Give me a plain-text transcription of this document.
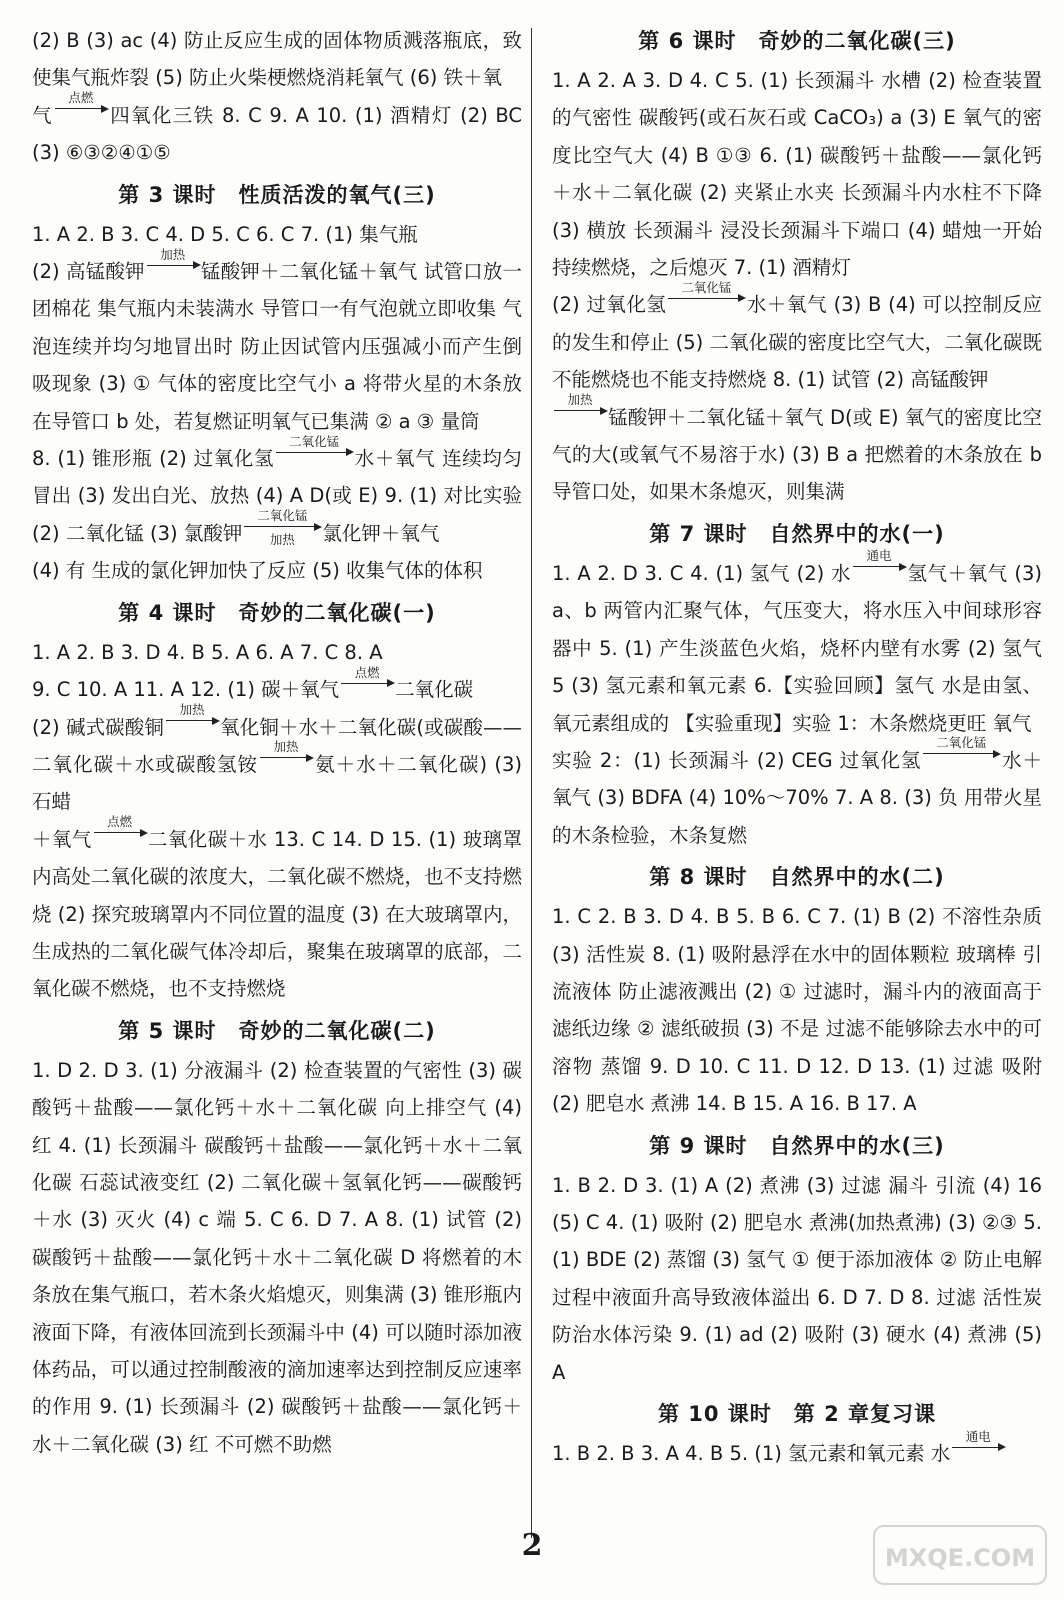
(2) B (3) ac (4) 防止反应生成的固体物质溅落瓶底，致使集气瓶炸裂 (5) 防止火柴梗燃烧消耗氧气 (6) 铁＋氧
气
点燃
四氧化三铁 8. C 9. A 10. (1) 酒精灯 (2) BC (3) ⑥③②④①⑤

第 3 课时　性质活泼的氧气(三)

1. A 2. B 3. C 4. D 5. C 6. C 7. (1) 集气瓶
(2) 高锰酸钾
加热
锰酸钾＋二氧化锰＋氧气 试管口放一团棉花 集气瓶内未装满水 导管口一有气泡就立即收集 气泡连续并均匀地冒出时 防止因试管内压强减小而产生倒吸现象 (3) ① 气体的密度比空气小 a 将带火星的木条放在导管口 b 处，若复燃证明氧气已集满 ② a ③ 量筒

8. (1) 锥形瓶 (2) 过氧化氢
二氧化锰
水＋氧气 连续均匀冒出 (3) 发出白光、放热 (4) A D(或 E) 9. (1) 对比实验 (2) 二氧化锰 (3) 氯酸钾
二氧化锰
加热	氯化钾＋氧气

(4) 有 生成的氯化钾加快了反应 (5) 收集气体的体积

第 4 课时　奇妙的二氧化碳(一)

1. A 2. B 3. D 4. B 5. A 6. A 7. C 8. A
9. C 10. A 11. A 12. (1) 碳＋氧气
点燃
二氧化碳
(2) 碱式碳酸铜
加热
氧化铜＋水＋二氧化碳(或碳酸——二氧化碳＋水或碳酸氢铵
加热
氨＋水＋二氧化碳) (3) 石蜡
＋氧气
点燃
二氧化碳＋水 13. C 14. D 15. (1) 玻璃罩内高处二氧化碳的浓度大，二氧化碳不燃烧，也不支持燃烧 (2) 探究玻璃罩内不同位置的温度 (3) 在大玻璃罩内，生成热的二氧化碳气体冷却后，聚集在玻璃罩的底部，二氧化碳不燃烧，也不支持燃烧

第 5 课时　奇妙的二氧化碳(二)

1. D 2. D 3. (1) 分液漏斗 (2) 检查装置的气密性 (3) 碳酸钙＋盐酸——氯化钙＋水＋二氧化碳 向上排空气 (4) 红 4. (1) 长颈漏斗 碳酸钙＋盐酸——氯化钙＋水＋二氧化碳 石蕊试液变红 (2) 二氧化碳＋氢氧化钙——碳酸钙＋水 (3) 灭火 (4) c 端 5. C 6. D 7. A 8. (1) 试管 (2) 碳酸钙＋盐酸——氯化钙＋水＋二氧化碳 D 将燃着的木条放在集气瓶口，若木条火焰熄灭，则集满 (3) 锥形瓶内液面下降，有液体回流到长颈漏斗中 (4) 可以随时添加液体药品，可以通过控制酸液的滴加速率达到控制反应速率的作用 9. (1) 长颈漏斗 (2) 碳酸钙＋盐酸——氯化钙＋水＋二氧化碳 (3) 红 不可燃不助燃

第 6 课时　奇妙的二氧化碳(三)

1. A 2. A 3. D 4. C 5. (1) 长颈漏斗 水槽 (2) 检查装置的气密性 碳酸钙(或石灰石或 CaCO₃) a (3) E 氧气的密度比空气大 (4) B ①③ 6. (1) 碳酸钙＋盐酸——氯化钙＋水＋二氧化碳 (2) 夹紧止水夹 长颈漏斗内水柱不下降 (3) 横放 长颈漏斗 浸没长颈漏斗下端口 (4) 蜡烛一开始持续燃烧，之后熄灭 7. (1) 酒精灯
(2) 过氧化氢
二氧化锰
水＋氧气 (3) B (4) 可以控制反应的发生和停止 (5) 二氧化碳的密度比空气大，二氧化碳既不能燃烧也不能支持燃烧 8. (1) 试管 (2) 高锰酸钾

加热
锰酸钾＋二氧化锰＋氧气 D(或 E) 氧气的密度比空气的大(或氧气不易溶于水) (3) B a 把燃着的木条放在 b 导管口处，如果木条熄灭，则集满

第 7 课时　自然界中的水(一)

1. A 2. D 3. C 4. (1) 氢气 (2) 水
通电
氢气＋氧气 (3) a、b 两管内汇聚气体，气压变大，将水压入中间球形容器中 5. (1) 产生淡蓝色火焰，烧杯内壁有水雾 (2) 氢气 5 (3) 氢元素和氧元素 6.【实验回顾】氢气 水是由氢、氧元素组成的 【实验重现】实验 1：木条燃烧更旺 氧气
实验 2：(1) 长颈漏斗 (2) CEG 过氧化氢
二氧化锰
水＋氧气 (3) BDFA (4) 10%～70% 7. A 8. (3) 负 用带火星的木条检验，木条复燃

第 8 课时　自然界中的水(二)

1. C 2. B 3. D 4. B 5. B 6. C 7. (1) B (2) 不溶性杂质 (3) 活性炭 8. (1) 吸附悬浮在水中的固体颗粒 玻璃棒 引流液体 防止滤液溅出 (2) ① 过滤时，漏斗内的液面高于滤纸边缘 ② 滤纸破损 (3) 不是 过滤不能够除去水中的可溶物 蒸馏 9. D 10. C 11. D 12. D 13. (1) 过滤 吸附 (2) 肥皂水 煮沸 14. B 15. A 16. B 17. A

第 9 课时　自然界中的水(三)

1. B 2. D 3. (1) A (2) 煮沸 (3) 过滤 漏斗 引流 (4) 16 (5) C 4. (1) 吸附 (2) 肥皂水 煮沸(加热煮沸) (3) ②③ 5. (1) BDE (2) 蒸馏 (3) 氢气 ① 便于添加液体 ② 防止电解过程中液面升高导致液体溢出 6. D 7. D 8. 过滤 活性炭 防治水体污染 9. (1) ad (2) 吸附 (3) 硬水 (4) 煮沸 (5) A

第 10 课时　第 2 章复习课

1. B 2. B 3. A 4. B 5. (1) 氢元素和氧元素 水
通电

2	MXQE.COM
